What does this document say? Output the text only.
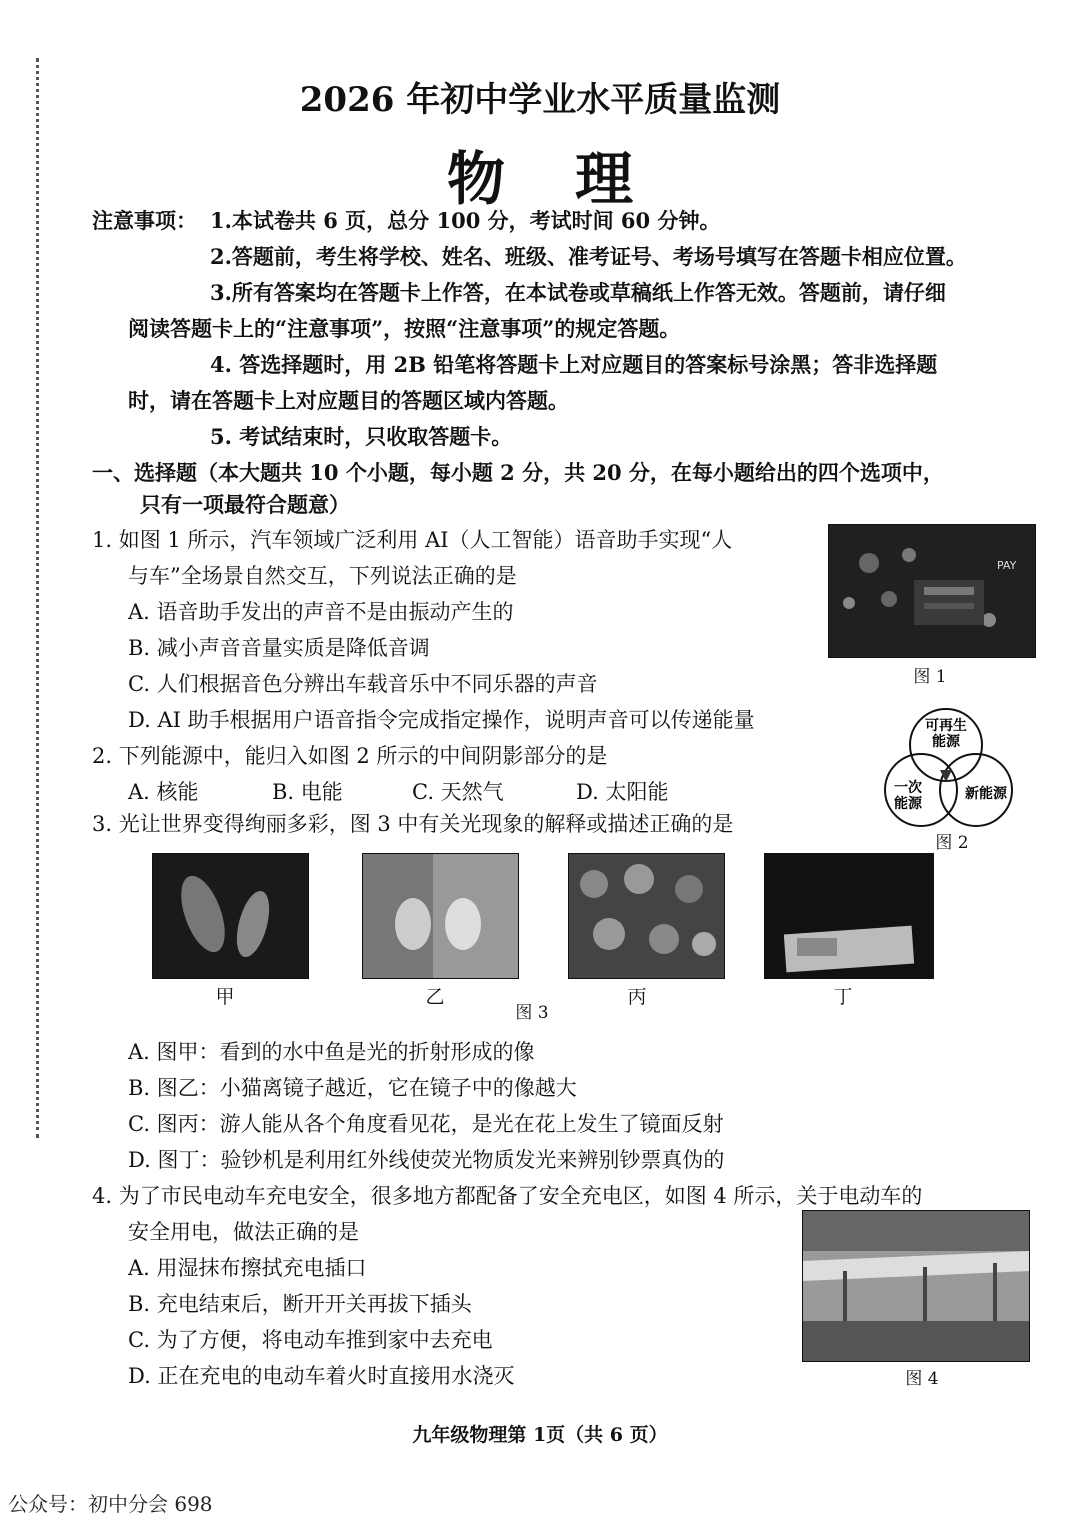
2026 年初中学业水平质量监测
物理
注意事项： 1.本试卷共 6 页，总分 100 分，考试时间 60 分钟。
2.答题前，考生将学校、姓名、班级、准考证号、考场号填写在答题卡相应位置。
3.所有答案均在答题卡上作答，在本试卷或草稿纸上作答无效。答题前，请仔细
阅读答题卡上的“注意事项”，按照“注意事项”的规定答题。
4. 答选择题时，用 2B 铅笔将答题卡上对应题目的答案标号涂黑；答非选择题
时，请在答题卡上对应题目的答题区域内答题。
5. 考试结束时，只收取答题卡。
一、选择题（本大题共 10 个小题，每小题 2 分，共 20 分，在每小题给出的四个选项中，
只有一项最符合题意）
1. 如图 1 所示，汽车领域广泛利用 AI（人工智能）语音助手实现“人
与车”全场景自然交互，下列说法正确的是
A. 语音助手发出的声音不是由振动产生的
B. 减小声音音量实质是降低音调
C. 人们根据音色分辨出车载音乐中不同乐器的声音
D. AI 助手根据用户语音指令完成指定操作，说明声音可以传递能量
PAY
图 1
2. 下列能源中，能归入如图 2 所示的中间阴影部分的是
A. 核能	B. 电能	C. 天然气	D. 太阳能
可再生
能源
一次
能源
新能源
图 2
3. 光让世界变得绚丽多彩，图 3 中有关光现象的解释或描述正确的是
甲	乙	丙	丁
图 3
A. 图甲：看到的水中鱼是光的折射形成的像
B. 图乙：小猫离镜子越近，它在镜子中的像越大
C. 图丙：游人能从各个角度看见花，是光在花上发生了镜面反射
D. 图丁：验钞机是利用红外线使荧光物质发光来辨别钞票真伪的
4. 为了市民电动车充电安全，很多地方都配备了安全充电区，如图 4 所示，关于电动车的
安全用电，做法正确的是
A. 用湿抹布擦拭充电插口
B. 充电结束后，断开开关再拔下插头
C. 为了方便，将电动车推到家中去充电
D. 正在充电的电动车着火时直接用水浇灭	图 4
九年级物理第 1页（共 6 页）
公众号：初中分会 698
